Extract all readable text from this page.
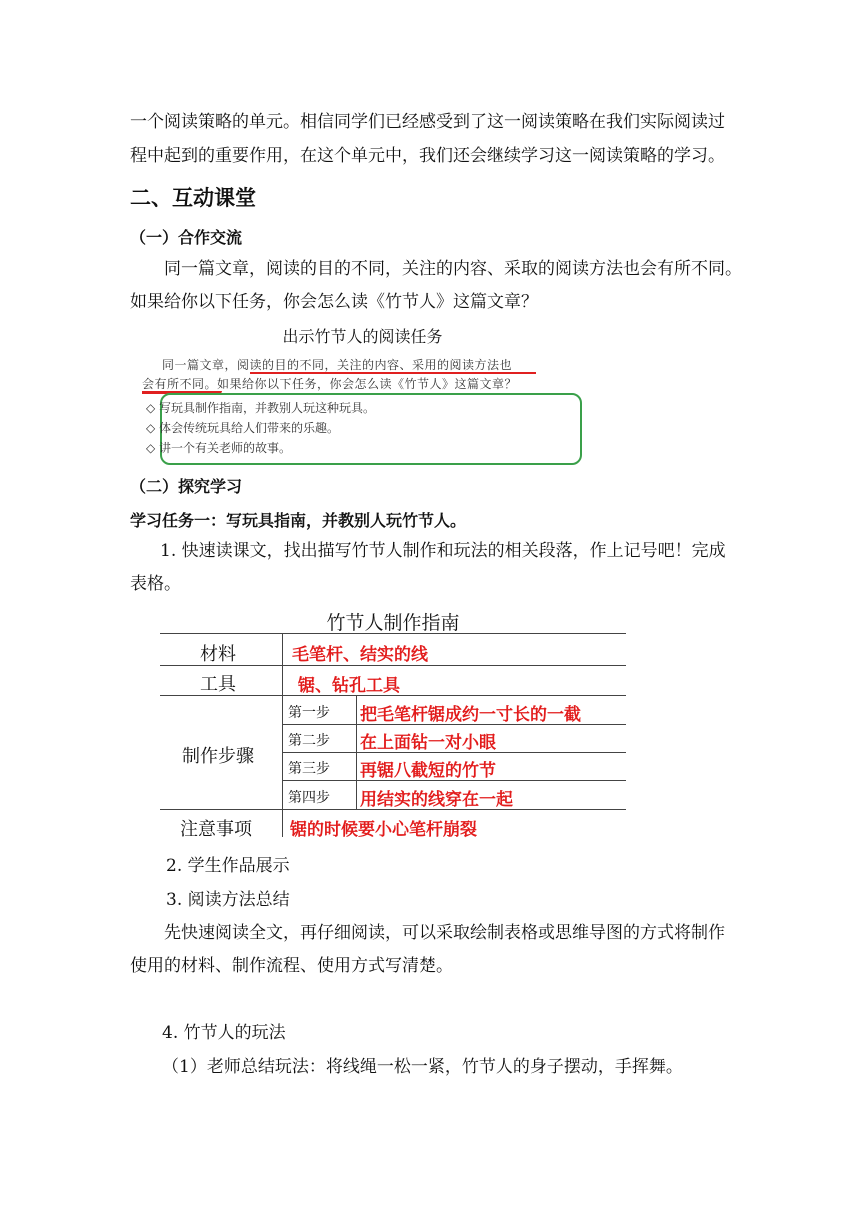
一个阅读策略的单元。相信同学们已经感受到了这一阅读策略在我们实际阅读过
程中起到的重要作用，在这个单元中，我们还会继续学习这一阅读策略的学习。
二、互动课堂
（一）合作交流
同一篇文章，阅读的目的不同，关注的内容、采取的阅读方法也会有所不同。
如果给你以下任务，你会怎么读《竹节人》这篇文章？
出示竹节人的阅读任务
同一篇文章，阅读的目的不同，关注的内容、采用的阅读方法也
会有所不同。如果给你以下任务，你会怎么读《竹节人》这篇文章？
◇ 写玩具制作指南，并教别人玩这种玩具。
◇ 体会传统玩具给人们带来的乐趣。
◇ 讲一个有关老师的故事。
（二）探究学习
学习任务一：写玩具指南，并教别人玩竹节人。
1. 快速读课文，找出描写竹节人制作和玩法的相关段落，作上记号吧！完成
表格。
竹节人制作指南
材料	毛笔杆、结实的线
工具	锯、钻孔工具
制作步骤
第一步 把毛笔杆锯成约一寸长的一截
第二步 在上面钻一对小眼
第三步 再锯八截短的竹节
第四步 用结实的线穿在一起
注意事项 锯的时候要小心笔杆崩裂
2. 学生作品展示
3. 阅读方法总结
先快速阅读全文，再仔细阅读，可以采取绘制表格或思维导图的方式将制作
使用的材料、制作流程、使用方式写清楚。
4. 竹节人的玩法
（1）老师总结玩法：将线绳一松一紧，竹节人的身子摆动，手挥舞。
